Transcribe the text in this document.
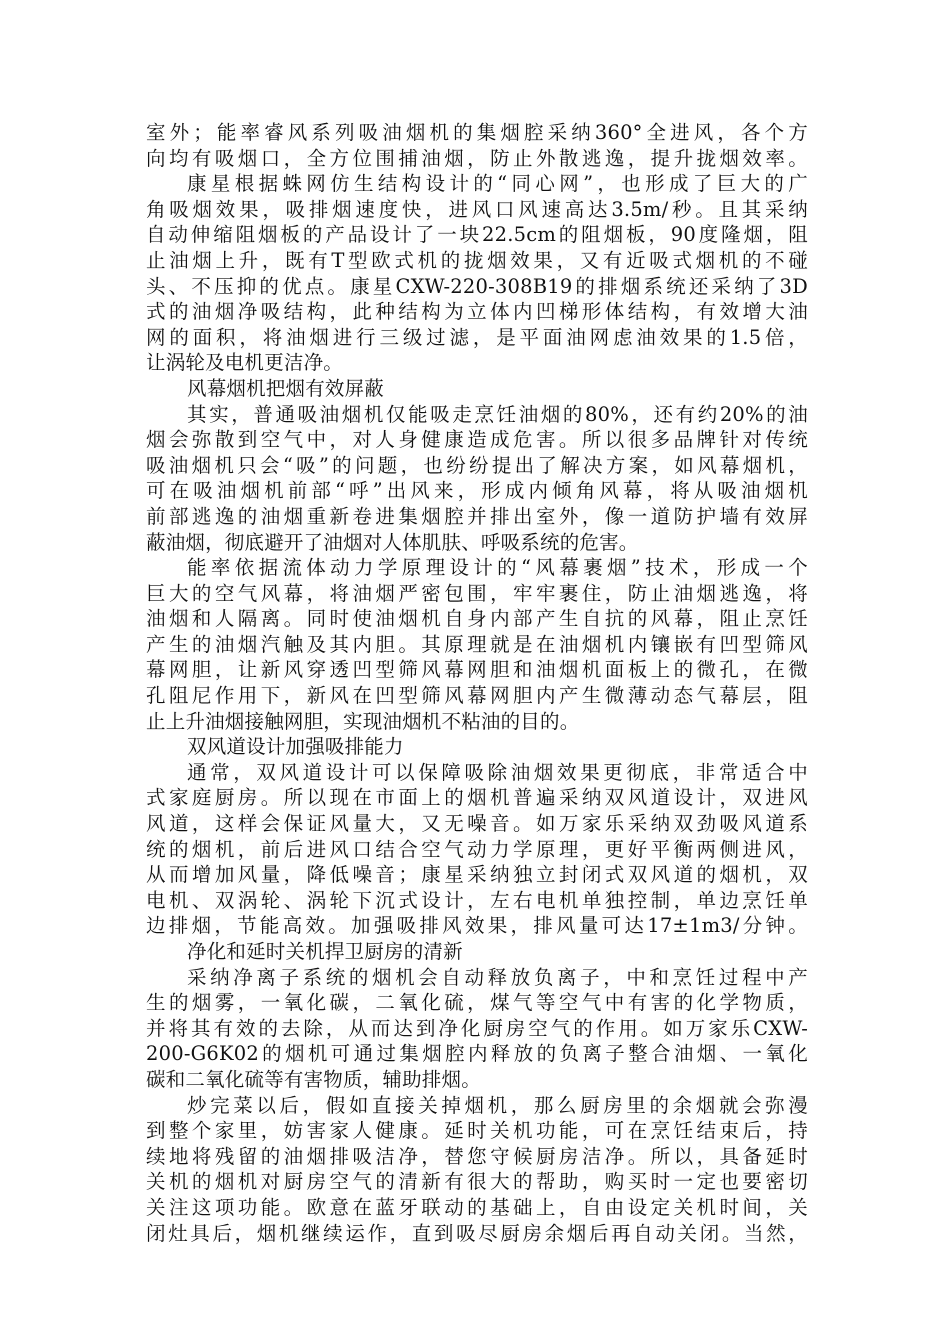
室外；能率睿风系列吸油烟机的集烟腔采纳360°全进风，各个方
向均有吸烟口，全方位围捕油烟，防止外散逃逸，提升拢烟效率。
康星根据蛛网仿生结构设计的“同心网”，也形成了巨大的广
角吸烟效果，吸排烟速度快，进风口风速高达3.5m/秒。且其采纳
自动伸缩阻烟板的产品设计了一块22.5cm的阻烟板，90度隆烟，阻
止油烟上升，既有T型欧式机的拢烟效果，又有近吸式烟机的不碰
头、不压抑的优点。康星CXW-220-308B19的排烟系统还采纳了3D
式的油烟净吸结构，此种结构为立体内凹梯形体结构，有效增大油
网的面积，将油烟进行三级过滤，是平面油网虑油效果的1.5倍，
让涡轮及电机更洁净。
风幕烟机把烟有效屏蔽
其实，普通吸油烟机仅能吸走烹饪油烟的80%，还有约20%的油
烟会弥散到空气中，对人身健康造成危害。所以很多品牌针对传统
吸油烟机只会“吸”的问题，也纷纷提出了解决方案，如风幕烟机，
可在吸油烟机前部“呼”出风来，形成内倾角风幕，将从吸油烟机
前部逃逸的油烟重新卷进集烟腔并排出室外，像一道防护墙有效屏
蔽油烟，彻底避开了油烟对人体肌肤、呼吸系统的危害。
能率依据流体动力学原理设计的“风幕裹烟”技术，形成一个
巨大的空气风幕，将油烟严密包围，牢牢裹住，防止油烟逃逸，将
油烟和人隔离。同时使油烟机自身内部产生自抗的风幕，阻止烹饪
产生的油烟汽触及其内胆。其原理就是在油烟机内镶嵌有凹型筛风
幕网胆，让新风穿透凹型筛风幕网胆和油烟机面板上的微孔，在微
孔阻尼作用下，新风在凹型筛风幕网胆内产生微薄动态气幕层，阻
止上升油烟接触网胆，实现油烟机不粘油的目的。
双风道设计加强吸排能力
通常，双风道设计可以保障吸除油烟效果更彻底，非常适合中
式家庭厨房。所以现在市面上的烟机普遍采纳双风道设计，双进风
风道，这样会保证风量大，又无噪音。如万家乐采纳双劲吸风道系
统的烟机，前后进风口结合空气动力学原理，更好平衡两侧进风，
从而增加风量，降低噪音；康星采纳独立封闭式双风道的烟机，双
电机、双涡轮、涡轮下沉式设计，左右电机单独控制，单边烹饪单
边排烟，节能高效。加强吸排风效果，排风量可达17±1m3/分钟。
净化和延时关机捍卫厨房的清新
采纳净离子系统的烟机会自动释放负离子，中和烹饪过程中产
生的烟雾，一氧化碳，二氧化硫，煤气等空气中有害的化学物质，
并将其有效的去除，从而达到净化厨房空气的作用。如万家乐CXW-
200-G6K02的烟机可通过集烟腔内释放的负离子整合油烟、一氧化
碳和二氧化硫等有害物质，辅助排烟。
炒完菜以后，假如直接关掉烟机，那么厨房里的余烟就会弥漫
到整个家里，妨害家人健康。延时关机功能，可在烹饪结束后，持
续地将残留的油烟排吸洁净，替您守候厨房洁净。所以，具备延时
关机的烟机对厨房空气的清新有很大的帮助，购买时一定也要密切
关注这项功能。欧意在蓝牙联动的基础上，自由设定关机时间，关
闭灶具后，烟机继续运作，直到吸尽厨房余烟后再自动关闭。当然，
